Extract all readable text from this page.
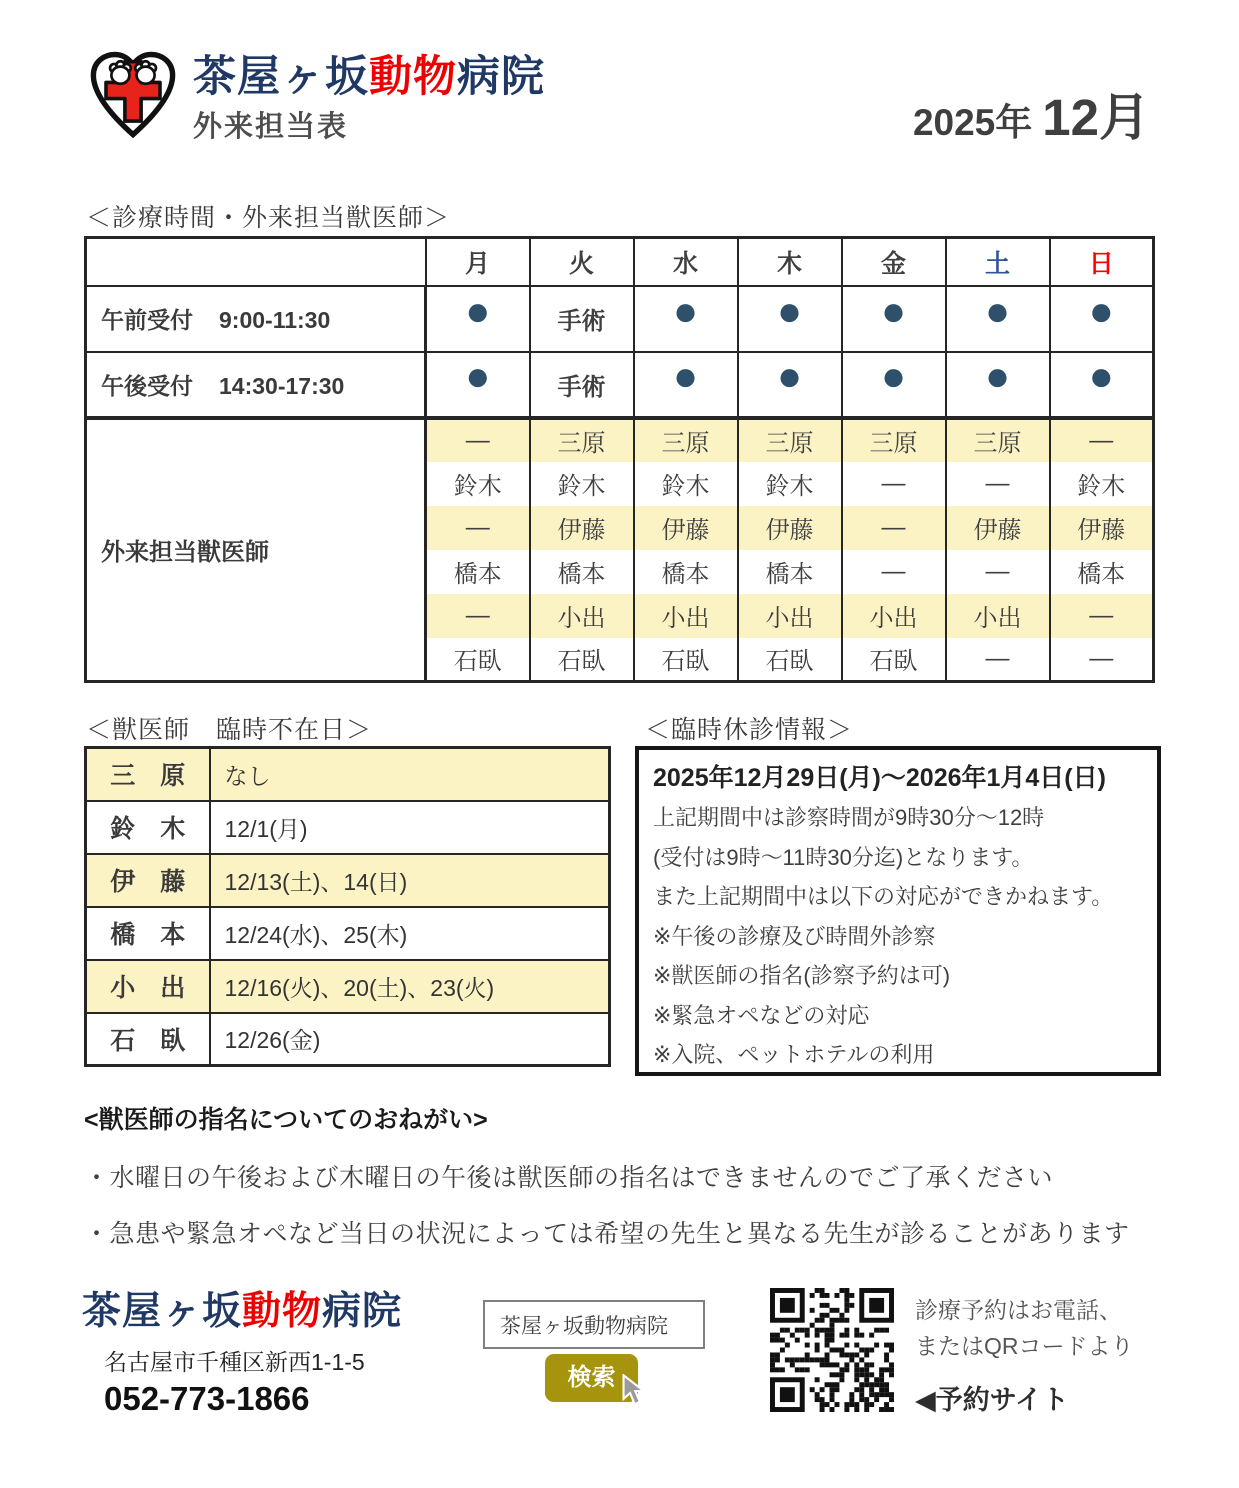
茶屋ヶ坂動物病院
外来担当表	2025年 12月
＜診療時間・外来担当獣医師＞
	月	火	水	木	金	土	日
午前受付 9:00-11:30	●	手術	●	●	●	●	●
午後受付 14:30-17:30	●	手術	●	●	●	●	●
外来担当獣医師	—	三原	三原	三原	三原	三原	—
	鈴木	鈴木	鈴木	鈴木	—	—	鈴木
	—	伊藤	伊藤	伊藤	—	伊藤	伊藤
	橋本	橋本	橋本	橋本	—	—	橋本
	—	小出	小出	小出	小出	小出	—
	石臥	石臥	石臥	石臥	石臥	—	—
＜獣医師　臨時不在日＞
三　原	なし
鈴　木	12/1(月)
伊　藤	12/13(土)、14(日)
橋　本	12/24(水)、25(木)
小　出	12/16(火)、20(土)、23(火)
石　臥	12/26(金)
＜臨時休診情報＞
2025年12月29日(月)～2026年1月4日(日)
上記期間中は診察時間が9時30分～12時
(受付は9時～11時30分迄)となります。
また上記期間中は以下の対応ができかねます。
※午後の診療及び時間外診察
※獣医師の指名(診察予約は可)
※緊急オペなどの対応
※入院、ペットホテルの利用
<獣医師の指名についてのおねがい>
・水曜日の午後および木曜日の午後は獣医師の指名はできませんのでご了承ください
・急患や緊急オペなど当日の状況によっては希望の先生と異なる先生が診ることがあります
茶屋ヶ坂動物病院
名古屋市千種区新西1-1-5
052-773-1866
茶屋ヶ坂動物病院
検索
診療予約はお電話、
またはQRコードより
◀予約サイト
